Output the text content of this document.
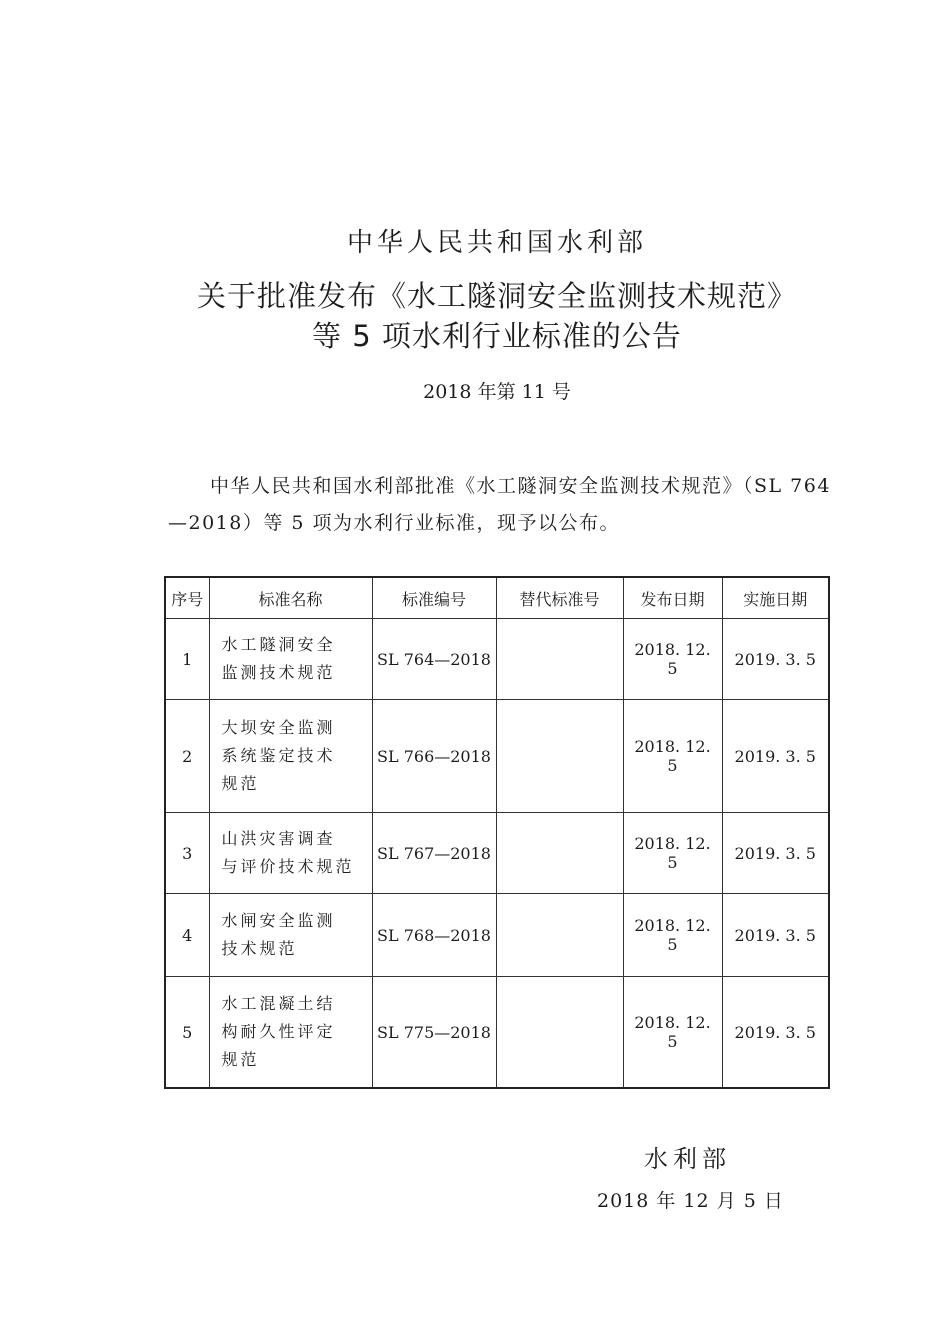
中华人民共和国水利部
关于批准发布《水工隧洞安全监测技术规范》
等 5 项水利行业标准的公告
2018 年第 11 号

中华人民共和国水利部批准《水工隧洞安全监测技术规范》（SL 764—2018）等 5 项为水利行业标准，现予以公布。

序号	标准名称	标准编号	替代标准号	发布日期	实施日期
1	水工隧洞安全
监测技术规范	SL 764—2018		2018. 12. 5	2019. 3. 5
2	大坝安全监测
系统鉴定技术
规范	SL 766—2018		2018. 12. 5	2019. 3. 5
3	山洪灾害调查
与评价技术规范	SL 767—2018		2018. 12. 5	2019. 3. 5
4	水闸安全监测
技术规范	SL 768—2018		2018. 12. 5	2019. 3. 5
5	水工混凝土结
构耐久性评定
规范	SL 775—2018		2018. 12. 5	2019. 3. 5
水利部
2018 年 12 月 5 日
